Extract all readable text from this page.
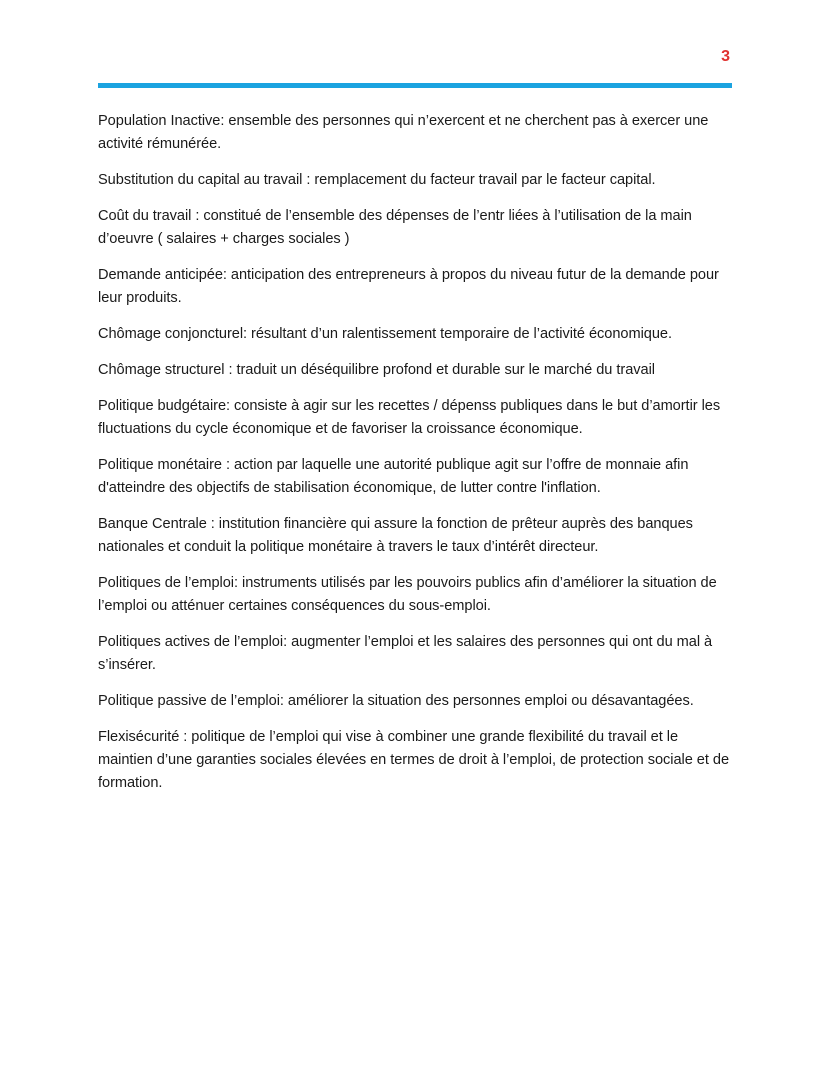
3

Population Inactive: ensemble des personnes qui n’exercent et ne cherchent pas à exercer une activité rémunérée.

Substitution du capital au travail : remplacement du facteur travail par le facteur capital.

Coût du travail : constitué de l’ensemble des dépenses de l’entr liées à l’utilisation de la main d’oeuvre ( salaires + charges sociales )

Demande anticipée: anticipation des entrepreneurs à propos du niveau futur de la demande pour leur produits.

Chômage conjoncturel: résultant d’un ralentissement temporaire de l’activité économique.

Chômage structurel : traduit un déséquilibre profond et durable sur le marché du travail

Politique budgétaire: consiste à agir sur les recettes / dépenss publiques dans le but d’amortir les fluctuations du cycle économique et de favoriser la croissance économique.

Politique monétaire : action par laquelle une autorité publique agit sur l’offre de monnaie afin d'atteindre des objectifs de stabilisation économique, de lutter contre l'inflation.

Banque Centrale : institution financière qui assure la fonction de prêteur auprès des banques nationales et conduit la politique monétaire à travers le taux d’intérêt directeur.

Politiques de l’emploi: instruments utilisés par les pouvoirs publics afin d’améliorer la situation de l’emploi ou atténuer certaines conséquences du sous-emploi.

Politiques actives de l’emploi: augmenter l’emploi et les salaires des personnes qui ont du mal à s’insérer.

Politique passive de l’emploi: améliorer la situation des personnes emploi ou désavantagées.

Flexisécurité : politique de l’emploi qui vise à combiner une grande flexibilité du travail et le maintien d’une garanties sociales élevées en termes de droit à l’emploi, de protection sociale et de formation.
